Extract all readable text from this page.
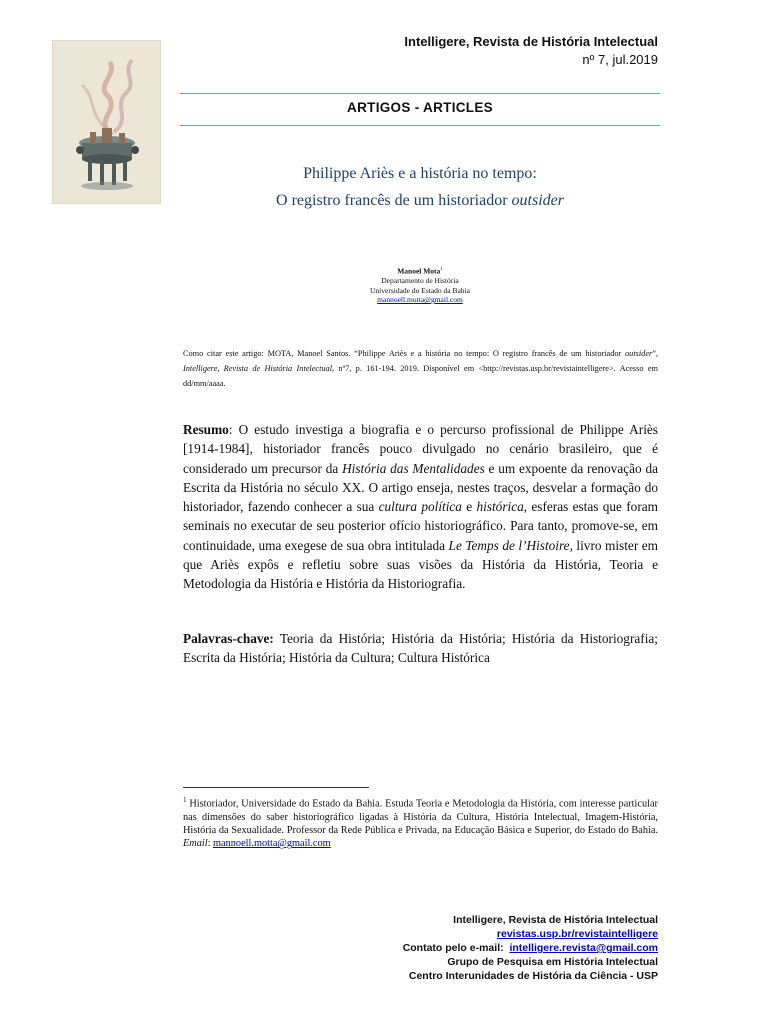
Intelligere, Revista de História Intelectual
nº 7, jul.2019
ARTIGOS - ARTICLES
Philippe Ariès e a história no tempo:
O registro francês de um historiador outsider
Manoel Mota$^1$
Departamento de História
Universidade do Estado da Bahia
mannoell.motta@gmail.com
Como citar este artigo: MOTA, Manoel Santos. “Philippe Ariès e a história no tempo: O registro francês de um historiador outsider”, Intelligere, Revista de História Intelectual, nº7, p. 161-194. 2019. Disponível em <http://revistas.usp.br/revistaintelligere>. Acesso em dd/mm/aaaa.
Resumo: O estudo investiga a biografia e o percurso profissional de Philippe Ariès [1914-1984], historiador francês pouco divulgado no cenário brasileiro, que é considerado um precursor da História das Mentalidades e um expoente da renovação da Escrita da História no século XX. O artigo enseja, nestes traços, desvelar a formação do historiador, fazendo conhecer a sua cultura política e histórica, esferas estas que foram seminais no executar de seu posterior ofício historiográfico. Para tanto, promove-se, em continuidade, uma exegese de sua obra intitulada Le Temps de l’Histoire, livro mister em que Ariès expôs e refletiu sobre suas visões da História da História, Teoria e Metodologia da História e História da Historiografia.
Palavras-chave: Teoria da História; História da História; História da Historiografia; Escrita da História; História da Cultura; Cultura Histórica
$^1$ Historiador, Universidade do Estado da Bahia. Estuda Teoria e Metodologia da História, com interesse particular nas dimensões do saber historiográfico ligadas à História da Cultura, História Intelectual, Imagem-História, História da Sexualidade. Professor da Rede Pública e Privada, na Educação Básica e Superior, do Estado do Bahia. Email: mannoell.motta@gmail.com
Intelligere, Revista de História Intelectual
revistas.usp.br/revistaintelligere
Contato pelo e-mail:  intelligere.revista@gmail.com
Grupo de Pesquisa em História Intelectual
Centro Interunidades de História da Ciência - USP
